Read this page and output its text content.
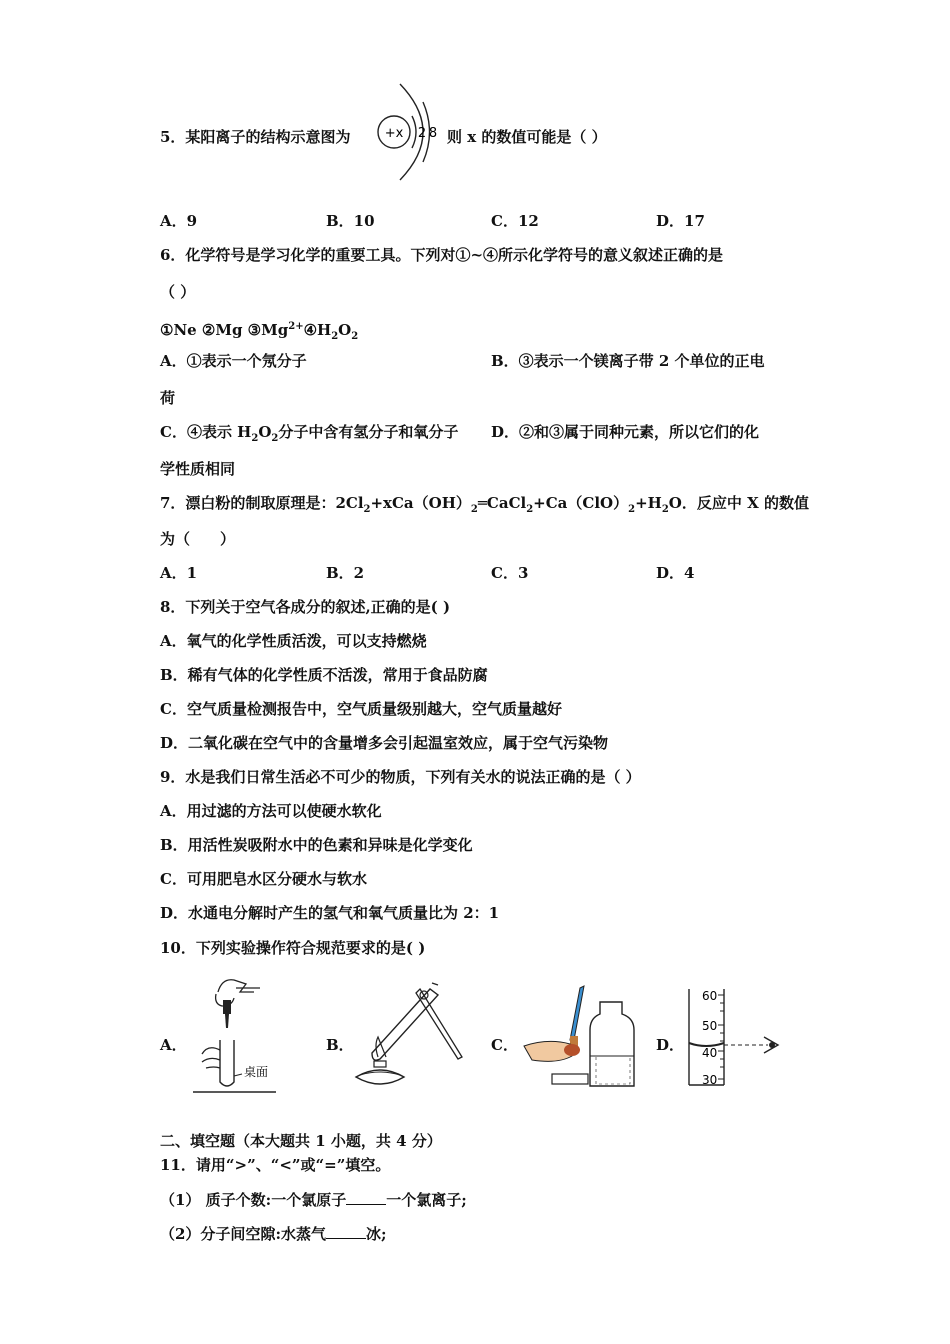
5．某阳离子的结构示意图为	+x 2 8 则 x 的数值可能是（ ）
A．9	B．10	C．12	D．17
6．化学符号是学习化学的重要工具。下列对①~④所示化学符号的意义叙述正确的是
（ ）
①Ne ②Mg $③Mg^{2+}④H_2O_2$
A．①表示一个氖分子	B．③表示一个镁离子带 2 个单位的正电
荷
C．④表示 $H_2O_2$分子中含有氢分子和氧分子 D．②和③属于同种元素，所以它们的化
学性质相同
7．漂白粉的制取原理是：$2Cl_2+xCa(OH)_2═CaCl_2+Ca(ClO)_2+H_2O$．反应中 X 的数值
为（　　）
A．1	B．2	C．3	D．4
8．下列关于空气各成分的叙述,正确的是( )
A．氧气的化学性质活泼，可以支持燃烧
B．稀有气体的化学性质不活泼，常用于食品防腐
C．空气质量检测报告中，空气质量级别越大，空气质量越好
D．二氧化碳在空气中的含量增多会引起温室效应，属于空气污染物
9．水是我们日常生活必不可少的物质，下列有关水的说法正确的是（ ）
A．用过滤的方法可以使硬水软化
B．用活性炭吸附水中的色素和异味是化学变化
C．可用肥皂水区分硬水与软水
D．水通电分解时产生的氢气和氧气质量比为 2：1
10．下列实验操作符合规范要求的是( )
A．
桌面
B．	C．	D．
60
50
40
30
二、填空题（本大题共 1 小题，共 4 分）
11．请用“>”、“<”或“=”填空。
（1） 质子个数:一个氯原子	一个氯离子;
（2）分子间空隙:水蒸气	冰;
